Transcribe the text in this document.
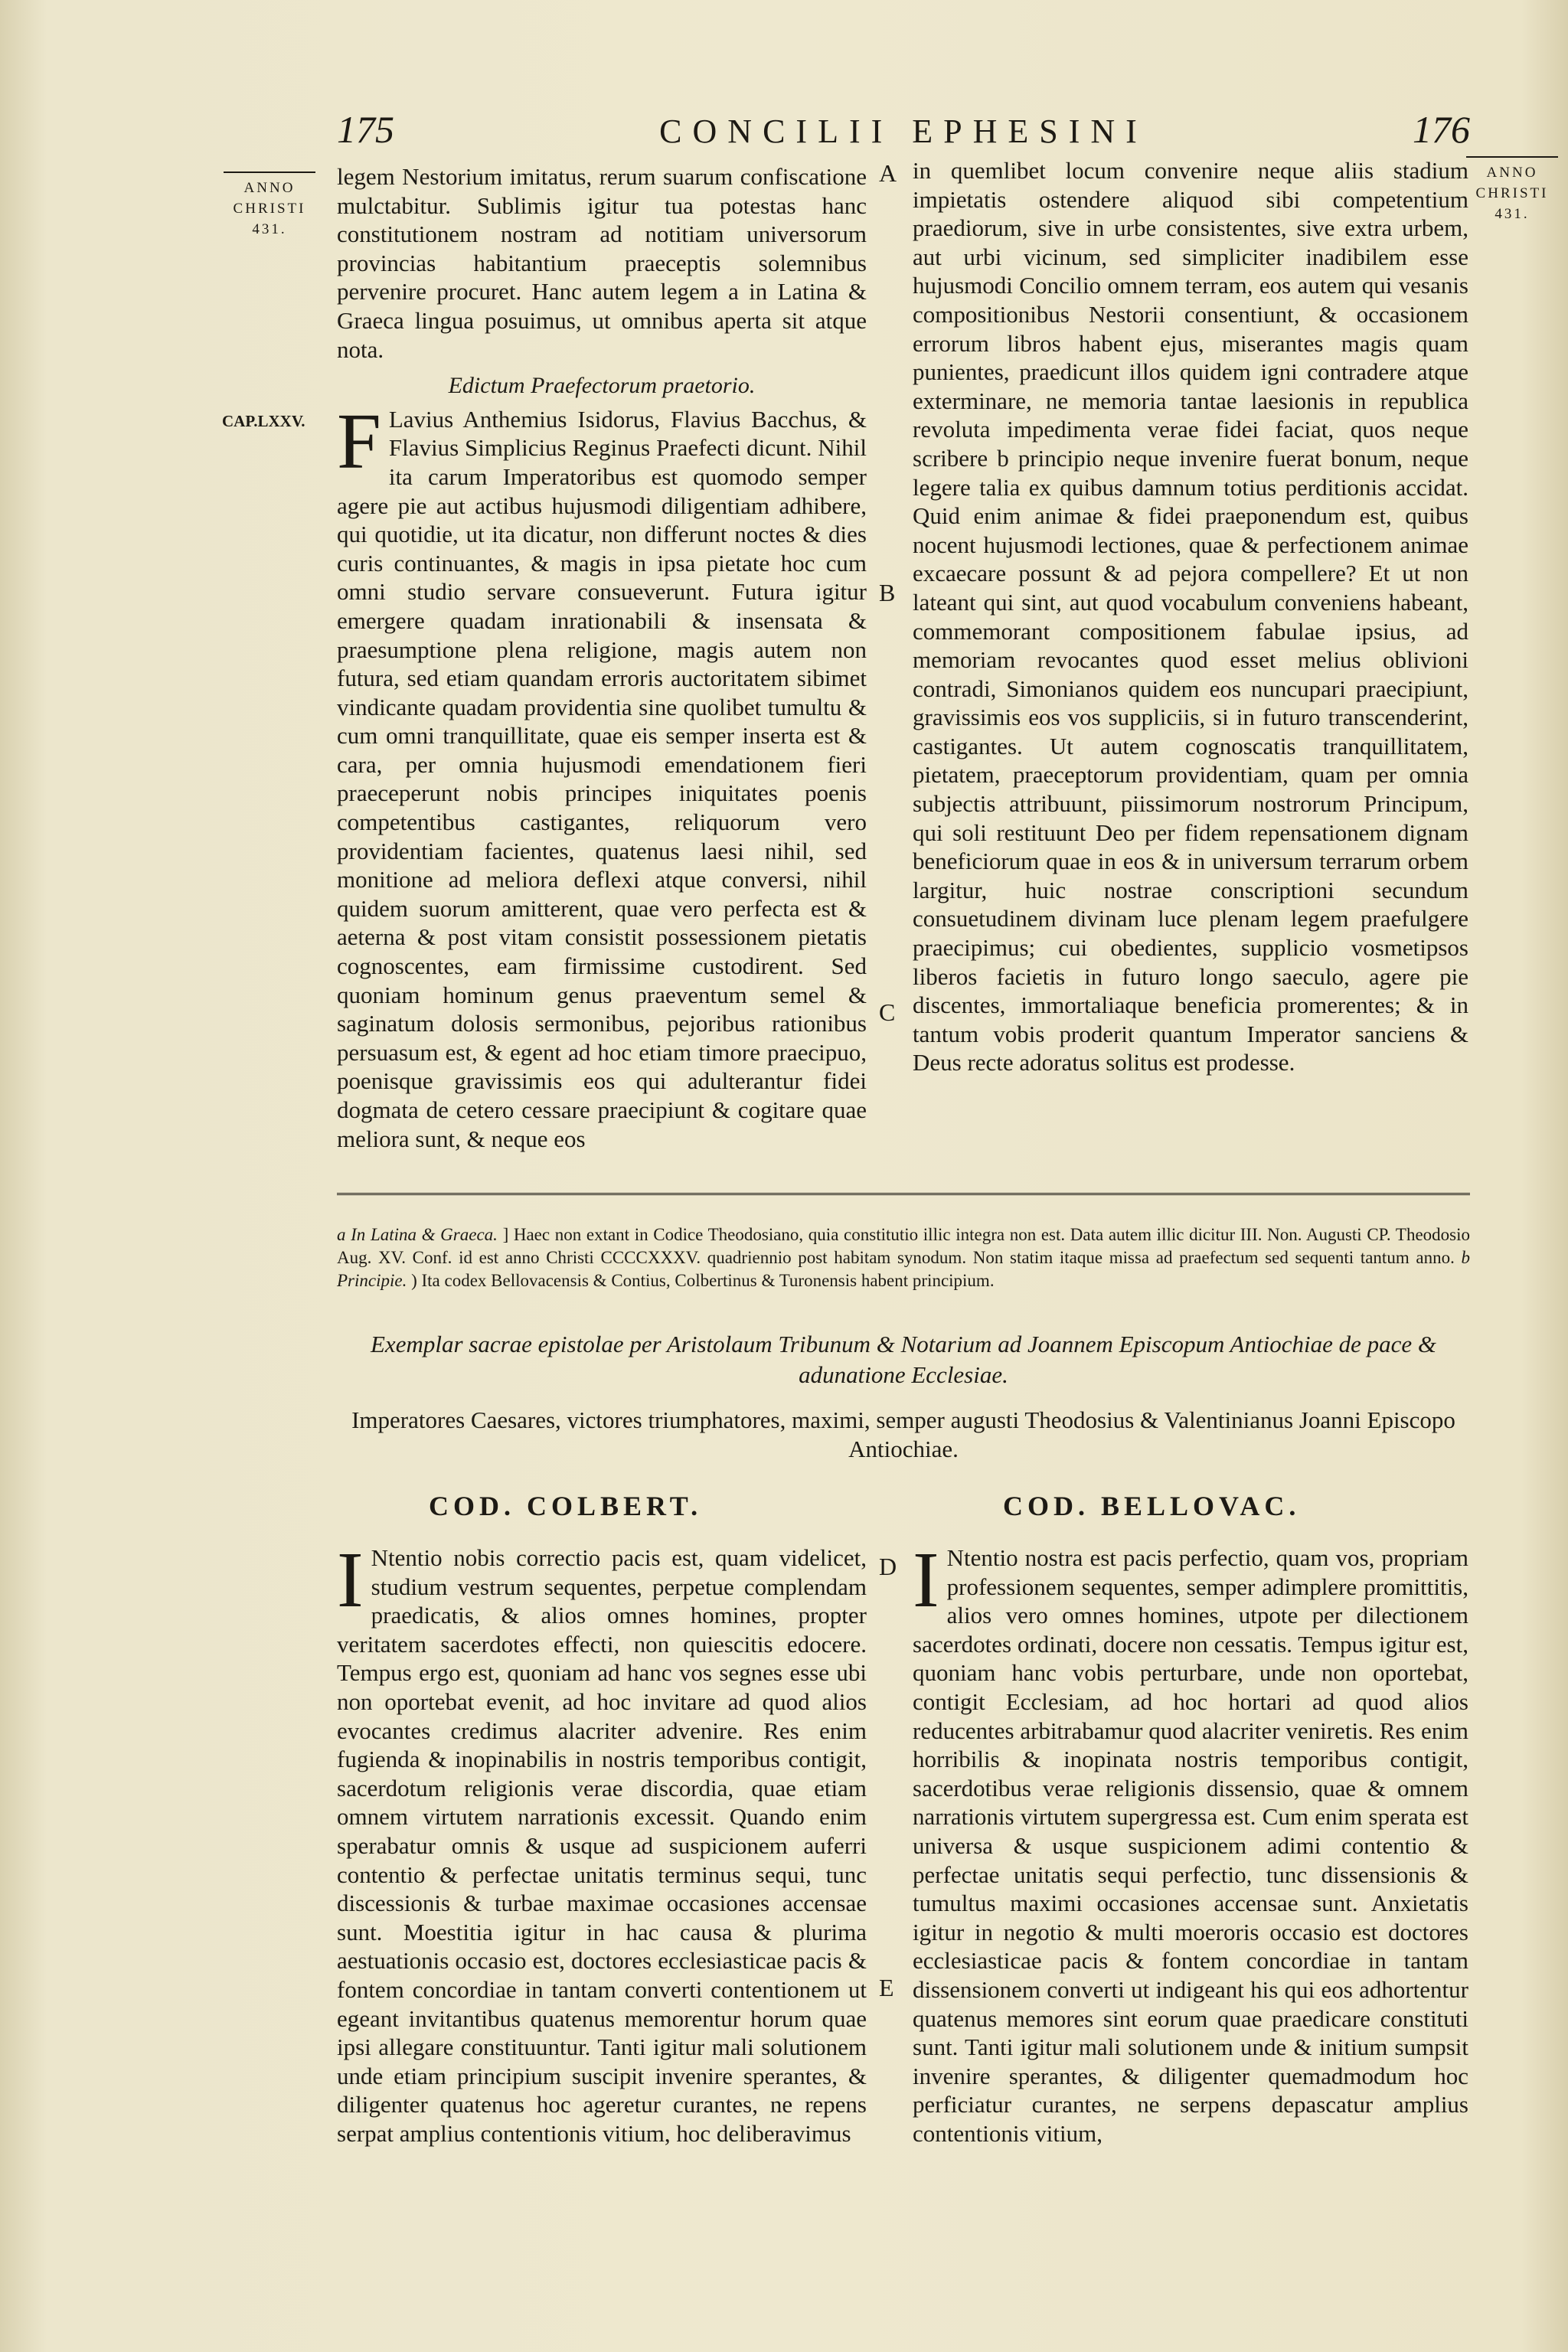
175	CONCILII EPHESINI	176
ANNO
CHRISTI
431.
ANNO
CHRISTI
431.
CAP.LXXV.
A
B
C
D
E

legem Nestorium imitatus, rerum suarum confiscatione mulctabitur. Sublimis igitur tua potestas hanc constitutionem nostram ad notitiam universorum provincias habitantium praeceptis solemnibus pervenire procuret. Hanc autem legem a in Latina & Graeca lingua posuimus, ut omnibus aperta sit atque nota.

Edictum Praefectorum praetorio.

F Lavius Anthemius Isidorus, Flavius Bacchus, & Flavius Simplicius Reginus Praefecti dicunt. Nihil ita carum Imperatoribus est quomodo semper agere pie aut actibus hujusmodi diligentiam adhibere, qui quotidie, ut ita dicatur, non differunt noctes & dies curis continuantes, & magis in ipsa pietate hoc cum omni studio servare consueverunt. Futura igitur emergere quadam inrationabili & insensata & praesumptione plena religione, magis autem non futura, sed etiam quandam erroris auctoritatem sibimet vindicante quadam providentia sine quolibet tumultu & cum omni tranquillitate, quae eis semper inserta est & cara, per omnia hujusmodi emendationem fieri praeceperunt nobis principes iniquitates poenis competentibus castigantes, reliquorum vero providentiam facientes, quatenus laesi nihil, sed monitione ad meliora deflexi atque conversi, nihil quidem suorum amitterent, quae vero perfecta est & aeterna & post vitam consistit possessionem pietatis cognoscentes, eam firmissime custodirent. Sed quoniam hominum genus praeventum semel & saginatum dolosis sermonibus, pejoribus rationibus persuasum est, & egent ad hoc etiam timore praecipuo, poenisque gravissimis eos qui adulterantur fidei dogmata de cetero cessare praecipiunt & cogitare quae meliora sunt, & neque eos

in quemlibet locum convenire neque aliis stadium impietatis ostendere aliquod sibi competentium praediorum, sive in urbe consistentes, sive extra urbem, aut urbi vicinum, sed simpliciter inadibilem esse hujusmodi Concilio omnem terram, eos autem qui vesanis compositionibus Nestorii consentiunt, & occasionem errorum libros habent ejus, miserantes magis quam punientes, praedicunt illos quidem igni contradere atque exterminare, ne memoria tantae laesionis in republica revoluta impedimenta verae fidei faciat, quos neque scribere b principio neque invenire fuerat bonum, neque legere talia ex quibus damnum totius perditionis accidat. Quid enim animae & fidei praeponendum est, quibus nocent hujusmodi lectiones, quae & perfectionem animae excaecare possunt & ad pejora compellere? Et ut non lateant qui sint, aut quod vocabulum conveniens habeant, commemorant compositionem fabulae ipsius, ad memoriam revocantes quod esset melius oblivioni contradi, Simonianos quidem eos nuncupari praecipiunt, gravissimis eos vos suppliciis, si in futuro transcenderint, castigantes. Ut autem cognoscatis tranquillitatem, pietatem, praeceptorum providentiam, quam per omnia subjectis attribuunt, piissimorum nostrorum Principum, qui soli restituunt Deo per fidem repensationem dignam beneficiorum quae in eos & in universum terrarum orbem largitur, huic nostrae conscriptioni secundum consuetudinem divinam luce plenam legem praefulgere praecipimus; cui obedientes, supplicio vosmetipsos liberos facietis in futuro longo saeculo, agere pie discentes, immortaliaque beneficia promerentes; & in tantum vobis proderit quantum Imperator sanciens & Deus recte adoratus solitus est prodesse.

a In Latina & Graeca. ] Haec non extant in Codice Theodosiano, quia constitutio illic integra non est. Data autem illic dicitur III. Non. Augusti CP. Theodosio Aug. XV. Conf. id est anno Christi CCCCXXXV. quadriennio post habitam synodum. Non statim itaque missa ad praefectum sed sequenti tantum anno. b Principie. ) Ita codex Bellovacensis & Contius, Colbertinus & Turonensis habent principium.

Exemplar sacrae epistolae per Aristolaum Tribunum & Notarium ad Joannem Episcopum Antiochiae de pace & adunatione Ecclesiae.
Imperatores Caesares, victores triumphatores, maximi, semper augusti Theodosius & Valentinianus Joanni Episcopo Antiochiae.
COD. COLBERT.	COD. BELLOVAC.

I Ntentio nobis correctio pacis est, quam videlicet, studium vestrum sequentes, perpetue complendam praedicatis, & alios omnes homines, propter veritatem sacerdotes effecti, non quiescitis edocere. Tempus ergo est, quoniam ad hanc vos segnes esse ubi non oportebat evenit, ad hoc invitare ad quod alios evocantes credimus alacriter advenire. Res enim fugienda & inopinabilis in nostris temporibus contigit, sacerdotum religionis verae discordia, quae etiam omnem virtutem narrationis excessit. Quando enim sperabatur omnis & usque ad suspicionem auferri contentio & perfectae unitatis terminus sequi, tunc discessionis & turbae maximae occasiones accensae sunt. Moestitia igitur in hac causa & plurima aestuationis occasio est, doctores ecclesiasticae pacis & fontem concordiae in tantam converti contentionem ut egeant invitantibus quatenus memorentur horum quae ipsi allegare constituuntur. Tanti igitur mali solutionem unde etiam principium suscipit invenire sperantes, & diligenter quatenus hoc ageretur curantes, ne repens serpat amplius contentionis vitium, hoc deliberavimus

I Ntentio nostra est pacis perfectio, quam vos, propriam professionem sequentes, semper adimplere promittitis, alios vero omnes homines, utpote per dilectionem sacerdotes ordinati, docere non cessatis. Tempus igitur est, quoniam hanc vobis perturbare, unde non oportebat, contigit Ecclesiam, ad hoc hortari ad quod alios reducentes arbitrabamur quod alacriter veniretis. Res enim horribilis & inopinata nostris temporibus contigit, sacerdotibus verae religionis dissensio, quae & omnem narrationis virtutem supergressa est. Cum enim sperata est universa & usque suspicionem adimi contentio & perfectae unitatis sequi perfectio, tunc dissensionis & tumultus maximi occasiones accensae sunt. Anxietatis igitur in negotio & multi moeroris occasio est doctores ecclesiasticae pacis & fontem concordiae in tantam dissensionem converti ut indigeant his qui eos adhortentur quatenus memores sint eorum quae praedicare constituti sunt. Tanti igitur mali solutionem unde & initium sumpsit invenire sperantes, & diligenter quemadmodum hoc perficiatur curantes, ne serpens depascatur amplius contentionis vitium,
